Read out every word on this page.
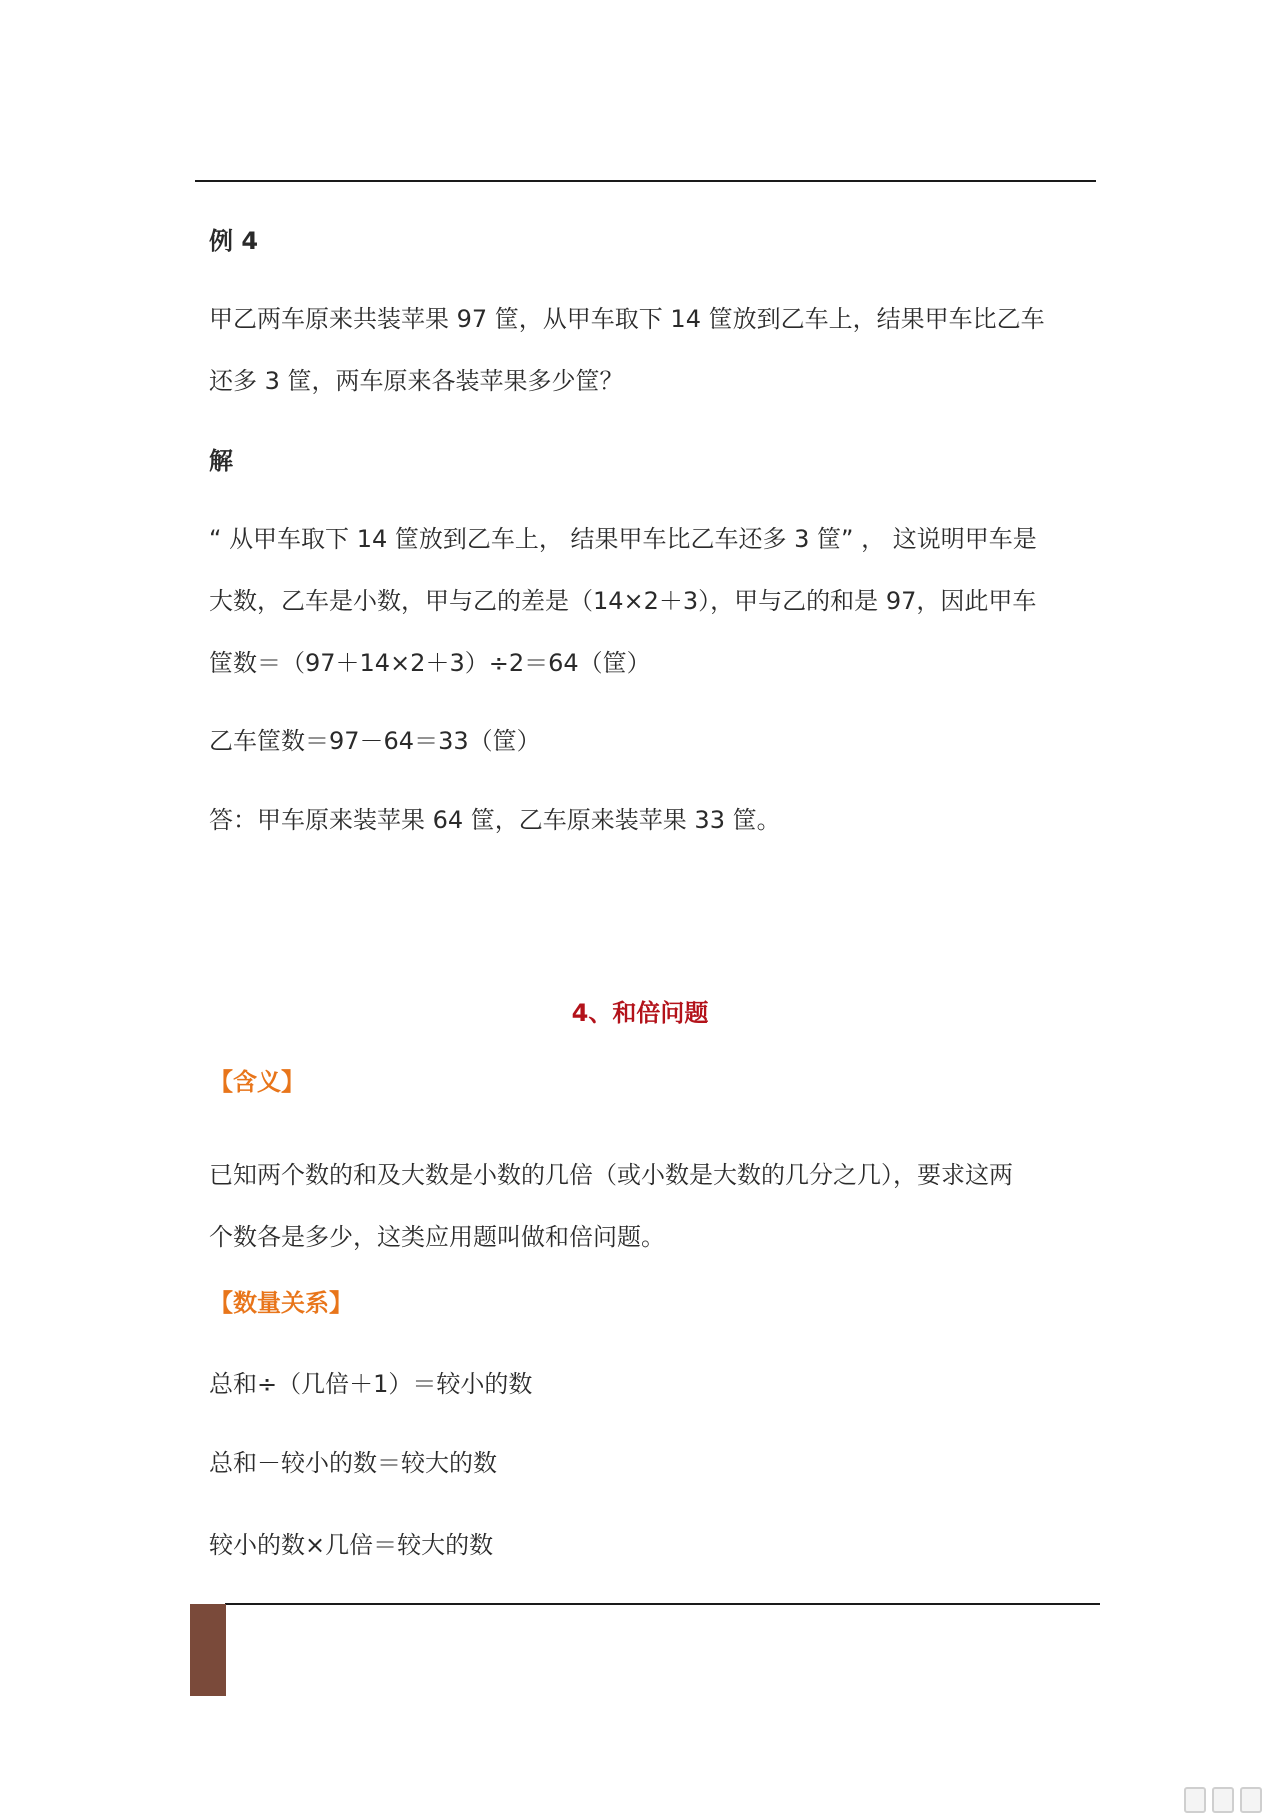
例 4
甲乙两车原来共装苹果 97 筐，从甲车取下 14 筐放到乙车上，结果甲车比乙车
还多 3 筐，两车原来各装苹果多少筐？
解
“ 从甲车取下 14 筐放到乙车上， 结果甲车比乙车还多 3 筐” ， 这说明甲车是
大数，乙车是小数，甲与乙的差是（14×2＋3），甲与乙的和是 97，因此甲车
筐数＝（97＋14×2＋3）÷2＝64（筐）
乙车筐数＝97－64＝33（筐）
答：甲车原来装苹果 64 筐，乙车原来装苹果 33 筐。
4、和倍问题
【含义】
已知两个数的和及大数是小数的几倍（或小数是大数的几分之几），要求这两
个数各是多少，这类应用题叫做和倍问题。
【数量关系】
总和÷（几倍＋1）＝较小的数
总和－较小的数＝较大的数
较小的数×几倍＝较大的数
